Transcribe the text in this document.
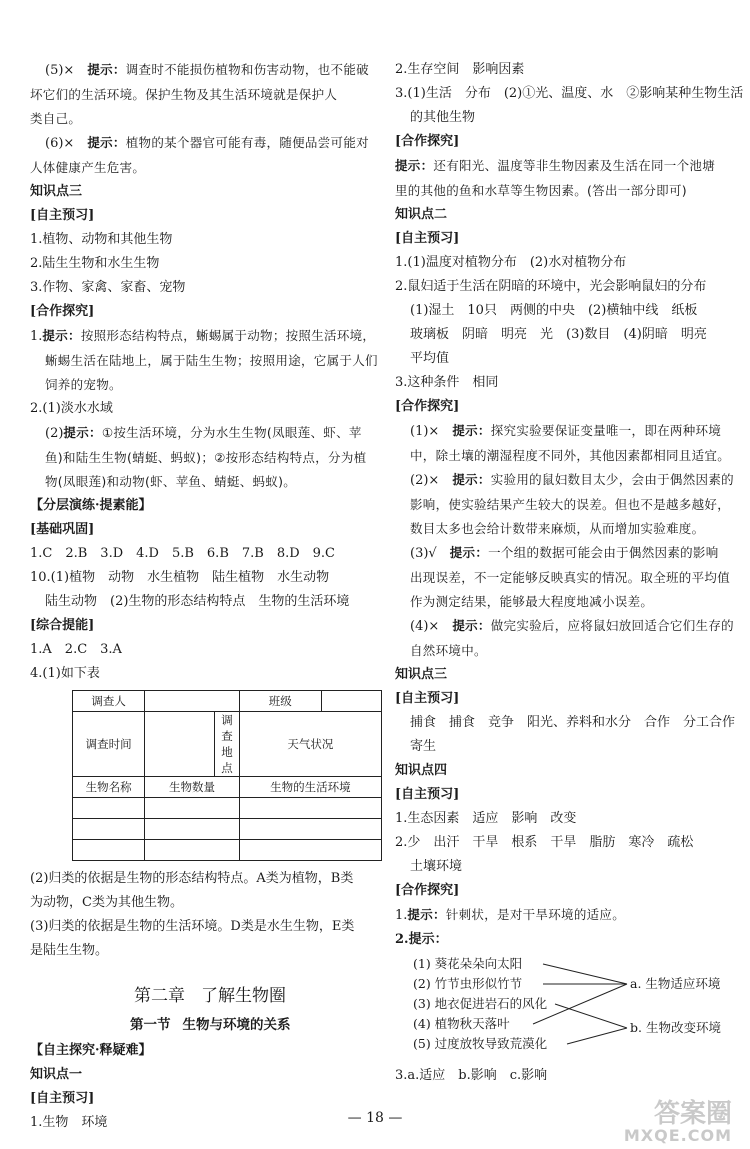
(5)×　 提示：调查时不能损伤植物和伤害动物，也不能破
坏它们的生活环境。保护生物及其生活环境就是保护人
类自己。
(6)×　 提示：植物的某个器官可能有毒，随便品尝可能对
人体健康产生危害。
知识点三
[自主预习]
1.植物、动物和其他生物
2.陆生生物和水生生物
3.作物、家禽、家畜、宠物
[合作探究]
1.提示：按照形态结构特点，蜥蜴属于动物；按照生活环境，
蜥蜴生活在陆地上，属于陆生生物；按照用途，它属于人们
饲养的宠物。
2.(1)淡水水域
(2)提示：①按生活环境，分为水生生物(凤眼莲、虾、苹
鱼)和陆生生物(蜻蜓、蚂蚁)；②按形态结构特点，分为植
物(凤眼莲)和动物(虾、苹鱼、蜻蜓、蚂蚁)。
【分层演练·提素能】
[基础巩固]
1.C　2.B　3.D　4.D　5.B　6.B　7.B　8.D　9.C
10.(1)植物　动物　水生植物　陆生植物　水生动物
陆生动物　(2)生物的形态结构特点　生物的生活环境
[综合提能]
1.A　2.C　3.A
4.(1)如下表
调查人			班级	
调查时间		调查地点	天气状况	
生物名称	生物数量		生物的生活环境	

(2)归类的依据是生物的形态结构特点。A类为植物，B类
为动物，C类为其他生物。
(3)归类的依据是生物的生活环境。D类是水生生物，E类
是陆生生物。
第二章 了解生物圈
第一节 生物与环境的关系
【自主探究·释疑难】
知识点一
[自主预习]
1.生物　环境
2.生存空间　影响因素
3.(1)生活　分布　(2)①光、温度、水　②影响某种生物生活
的其他生物
[合作探究]
提示：还有阳光、温度等非生物因素及生活在同一个池塘
里的其他的鱼和水草等生物因素。(答出一部分即可)
知识点二
[自主预习]
1.(1)温度对植物分布　(2)水对植物分布
2.鼠妇适于生活在阴暗的环境中，光会影响鼠妇的分布
(1)湿土　10只　两侧的中央　(2)横轴中线　纸板
玻璃板　阴暗　明亮　光　(3)数目　(4)阴暗　明亮
平均值
3.这种条件　相同
[合作探究]
(1)×　 提示：探究实验要保证变量唯一，即在两种环境
中，除土壤的潮湿程度不同外，其他因素都相同且适宜。
(2)×　 提示：实验用的鼠妇数目太少，会由于偶然因素的
影响，使实验结果产生较大的误差。但也不是越多越好，
数目太多也会给计数带来麻烦，从而增加实验难度。
(3)√　 提示：一个组的数据可能会由于偶然因素的影响
出现误差，不一定能够反映真实的情况。取全班的平均值
作为测定结果，能够最大程度地减小误差。
(4)×　 提示：做完实验后，应将鼠妇放回适合它们生存的
自然环境中。
知识点三
[自主预习]
捕食　捕食　竞争　阳光、养料和水分　合作　分工合作
寄生
知识点四
[自主预习]
1.生态因素　适应　影响　改变
2.少　出汗　干旱　根系　干旱　脂肪　寒冷　疏松
土壤环境
[合作探究]
1.提示：针刺状，是对干旱环境的适应。
2.提示：
(1) 葵花朵朵向太阳
(2) 竹节虫形似竹节
(3) 地衣促进岩石的风化
(4) 植物秋天落叶
(5) 过度放牧导致荒漠化
a. 生物适应环境
b. 生物改变环境
3.a.适应　b.影响　c.影响
— 18 —	答案圈
MXQE.COM
